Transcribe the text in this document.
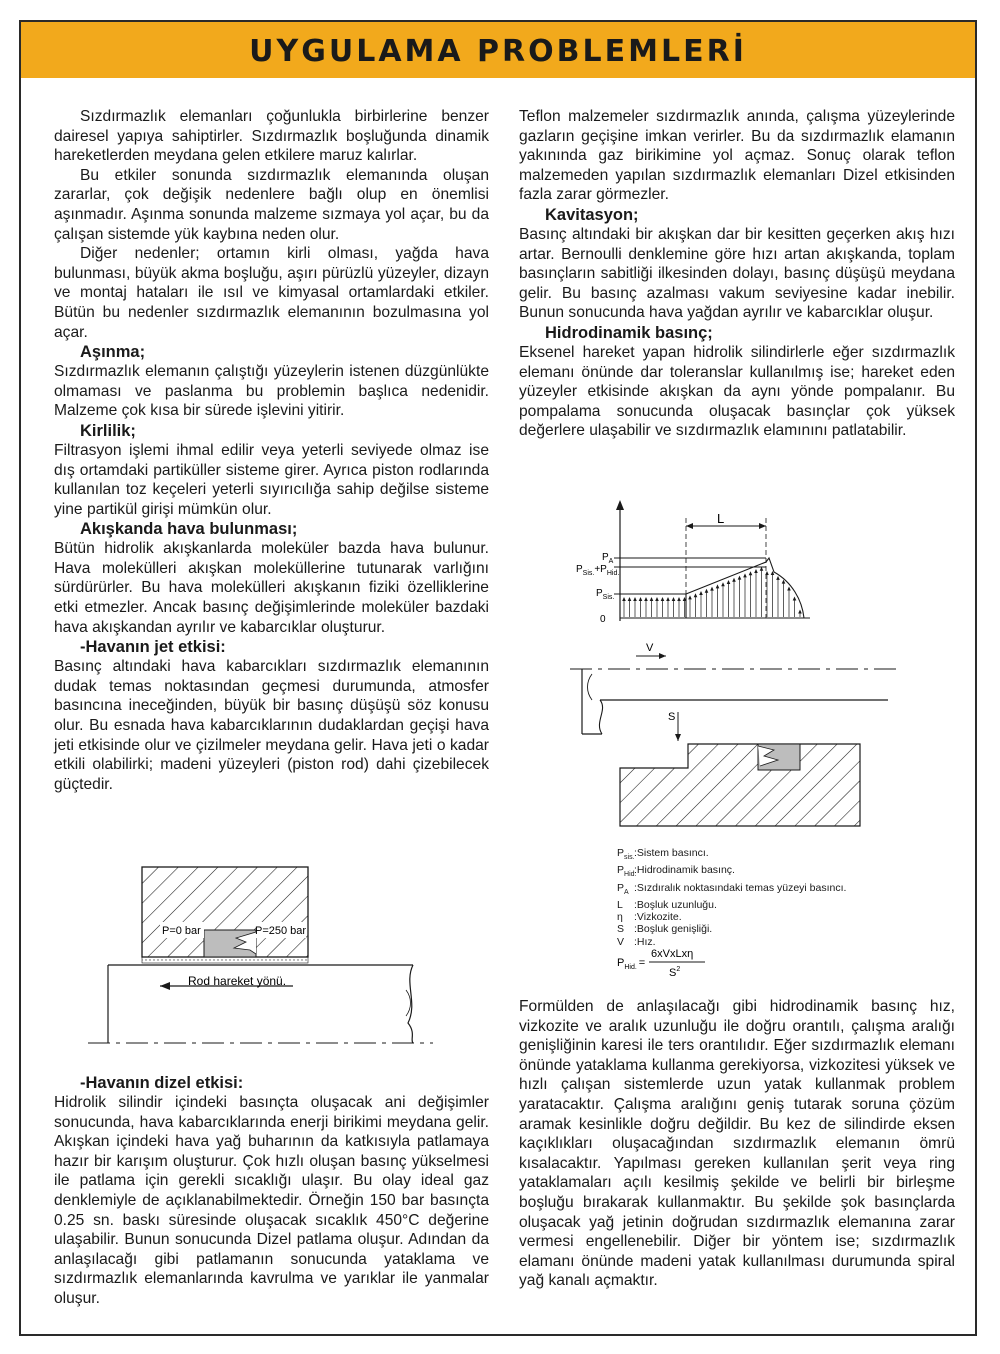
UYGULAMA PROBLEMLERİ

Sızdırmazlık elemanları çoğunlukla birbirlerine benzer dairesel yapıya sahiptirler. Sızdırmazlık boşluğunda dinamik hareketlerden meydana gelen etkilere maruz kalırlar.

Bu etkiler sonunda sızdırmazlık elemanında oluşan zararlar, çok değişik nedenlere bağlı olup en önemlisi aşınmadır. Aşınma sonunda malzeme sızmaya yol açar, bu da çalışan sistemde yük kaybına neden olur.

Diğer nedenler; ortamın kirli olması, yağda hava bulunması, büyük akma boşluğu, aşırı pürüzlü yüzeyler, dizayn ve montaj hataları ile ısıl ve kimyasal ortamlardaki etkiler. Bütün bu nedenler sızdırmazlık elemanının bozulmasına yol açar.

Aşınma;

Sızdırmazlık elemanın çalıştığı yüzeylerin istenen düzgünlükte olmaması ve paslanma bu problemin başlıca nedenidir. Malzeme çok kısa bir sürede işlevini yitirir.

Kirlilik;

Filtrasyon işlemi ihmal edilir veya yeterli seviyede olmaz ise dış ortamdaki partiküller sisteme girer. Ayrıca piston rodlarında kullanılan toz keçeleri yeterli sıyırıcılığa sahip değilse sisteme yine partikül girişi mümkün olur.

Akışkanda hava bulunması;

Bütün hidrolik akışkanlarda moleküler bazda hava bulunur. Hava molekülleri akışkan moleküllerine tutunarak varlığını sürdürürler. Bu hava molekülleri akışkanın fiziki özelliklerine etki etmezler. Ancak basınç değişimlerinde moleküler bazdaki hava akışkandan ayrılır ve kabarcıklar oluşturur.

-Havanın jet etkisi:

Basınç altındaki hava kabarcıkları sızdırmazlık elemanının dudak temas noktasından geçmesi durumunda, atmosfer basıncına ineceğinden, büyük bir basınç düşüşü söz konusu olur. Bu esnada hava kabarcıklarının dudaklardan geçişi hava jeti etkisinde olur ve çizilmeler meydana gelir. Hava jeti o kadar etkili olabilirki; madeni yüzeyleri (piston rod) dahi çizebilecek güçtedir.

P=0 bar	P=250 bar
Rod hareket yönü.
-Havanın dizel etkisi:

Hidrolik silindir içindeki basınçta oluşacak ani değişimler sonucunda, hava kabarcıklarında enerji birikimi meydana gelir. Akışkan içindeki hava yağ buharının da katkısıyla patlamaya hazır bir karışım oluşturur. Çok hızlı oluşan basınç yükselmesi ile patlama için gerekli sıcaklığı ulaşır. Bu olay ideal gaz denklemiyle de açıklanabilmektedir. Örneğin 150 bar basınçta 0.25 sn. baskı süresinde oluşacak sıcaklık 450°C değerine ulaşabilir. Bunun sonucunda Dizel patlama oluşur. Adından da anlaşılacağı gibi patlamanın sonucunda yataklama ve sızdırmazlık elemanlarında kavrulma ve yarıklar ile yanmalar oluşur.

Teflon malzemeler sızdırmazlık anında, çalışma yüzeylerinde gazların geçişine imkan verirler. Bu da sızdırmazlık elamanın yakınında gaz birikimine yol açmaz. Sonuç olarak teflon malzemeden yapılan sızdırmazlık elemanları Dizel etkisinden fazla zarar görmezler.

Kavitasyon;

Basınç altındaki bir akışkan dar bir kesitten geçerken akış hızı artar. Bernoulli denklemine göre hızı artan akışkanda, toplam basınçların sabitliği ilkesinden dolayı, basınç düşüşü meydana gelir. Bu basınç azalması vakum seviyesine kadar inebilir. Bunun sonucunda hava yağdan ayrılır ve kabarcıklar oluşur.

Hidrodinamik basınç;

Eksenel hareket yapan hidrolik silindirlerle eğer sızdırmazlık elemanı önünde dar toleranslar kullanılmış ise; hareket eden yüzeyler etkisinde akışkan da aynı yönde pompalanır. Bu pompalama sonucunda oluşacak basınçlar çok yüksek değerlere ulaşabilir ve sızdırmazlık elamınını patlatabilir.

L
$P_A$
$P_{Sis.}+P_{Hid.}$
$P_{Sis.}$
0
V
S
$P_{sis.}:Sistem$ basıncı.
$P_{Hid.}:Hidrodinamik$ basınç.
$P_A$ :Sızdıralık noktasındaki temas yüzeyi basıncı.
L :Boşluk uzunluğu.
η :Vizkozite.
S :Boşluk genişliği.
V :Hız.
$P_{Hid.}$ =
6xVxLxη
$S^2$

Formülden de anlaşılacağı gibi hidrodinamik basınç hız, vizkozite ve aralık uzunluğu ile doğru orantılı, çalışma aralığı genişliğinin karesi ile ters orantılıdır. Eğer sızdırmazlık elemanı önünde yataklama kullanma gerekiyorsa, vizkozitesi yüksek ve hızlı çalışan sistemlerde uzun yatak kullanmak problem yaratacaktır. Çalışma aralığını geniş tutarak soruna çözüm aramak kesinlikle doğru değildir. Bu kez de silindirde eksen kaçıklıkları oluşacağından sızdırmazlık elemanın ömrü kısalacaktır. Yapılması gereken kullanılan şerit veya ring yataklamaları açılı kesilmiş şekilde ve belirli bir birleşme boşluğu bırakarak kullanmaktır. Bu şekilde şok basınçlarda oluşacak yağ jetinin doğrudan sızdırmazlık elemanına zarar vermesi engellenebilir. Diğer bir yöntem ise; sızdırmazlık elamanı önünde madeni yatak kullanılması durumunda spiral yağ kanalı açmaktır.
